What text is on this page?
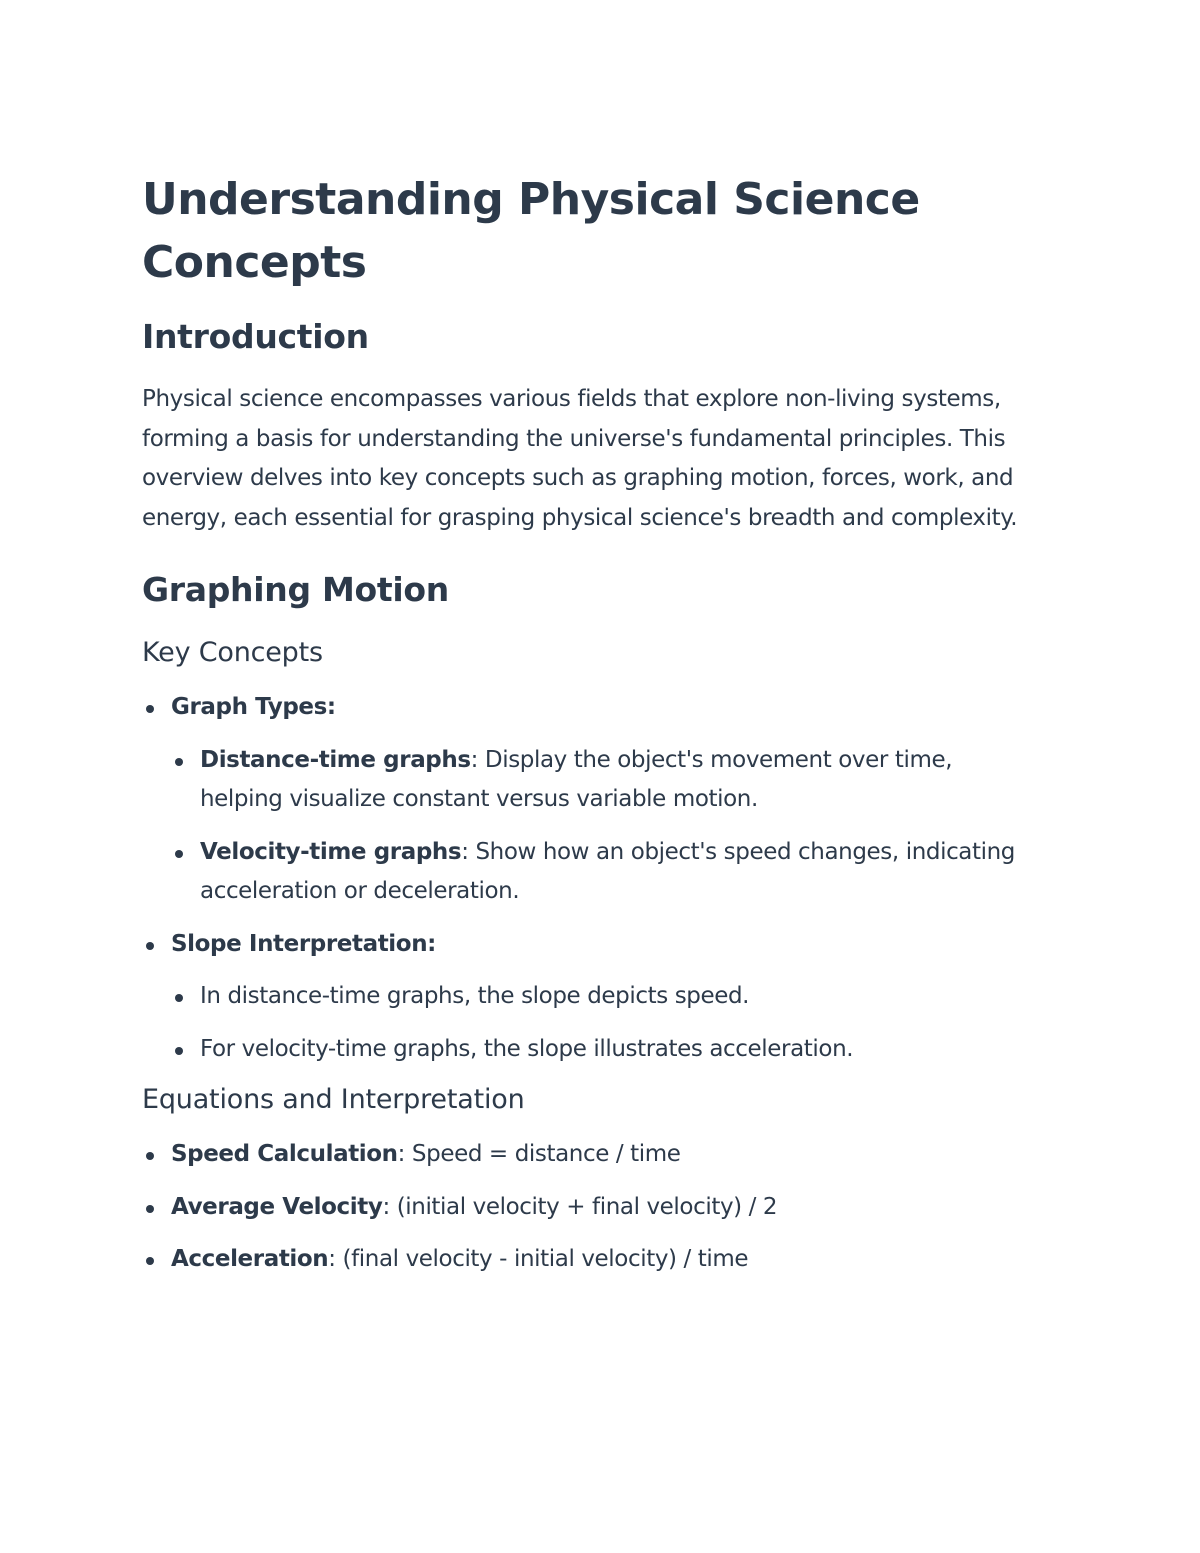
Understanding Physical Science Concepts
Introduction

Physical science encompasses various fields that explore non-living systems, forming a basis for understanding the universe's fundamental principles. This overview delves into key concepts such as graphing motion, forces, work, and energy, each essential for grasping physical science's breadth and complexity.

Graphing Motion
Key Concepts
Graph Types:
Distance-time graphs: Display the object's movement over time, helping visualize constant versus variable motion.
Velocity-time graphs: Show how an object's speed changes, indicating acceleration or deceleration.
Slope Interpretation:
In distance-time graphs, the slope depicts speed.
For velocity-time graphs, the slope illustrates acceleration.
Equations and Interpretation
Speed Calculation: Speed = distance / time
Average Velocity: (initial velocity + final velocity) / 2
Acceleration: (final velocity - initial velocity) / time
